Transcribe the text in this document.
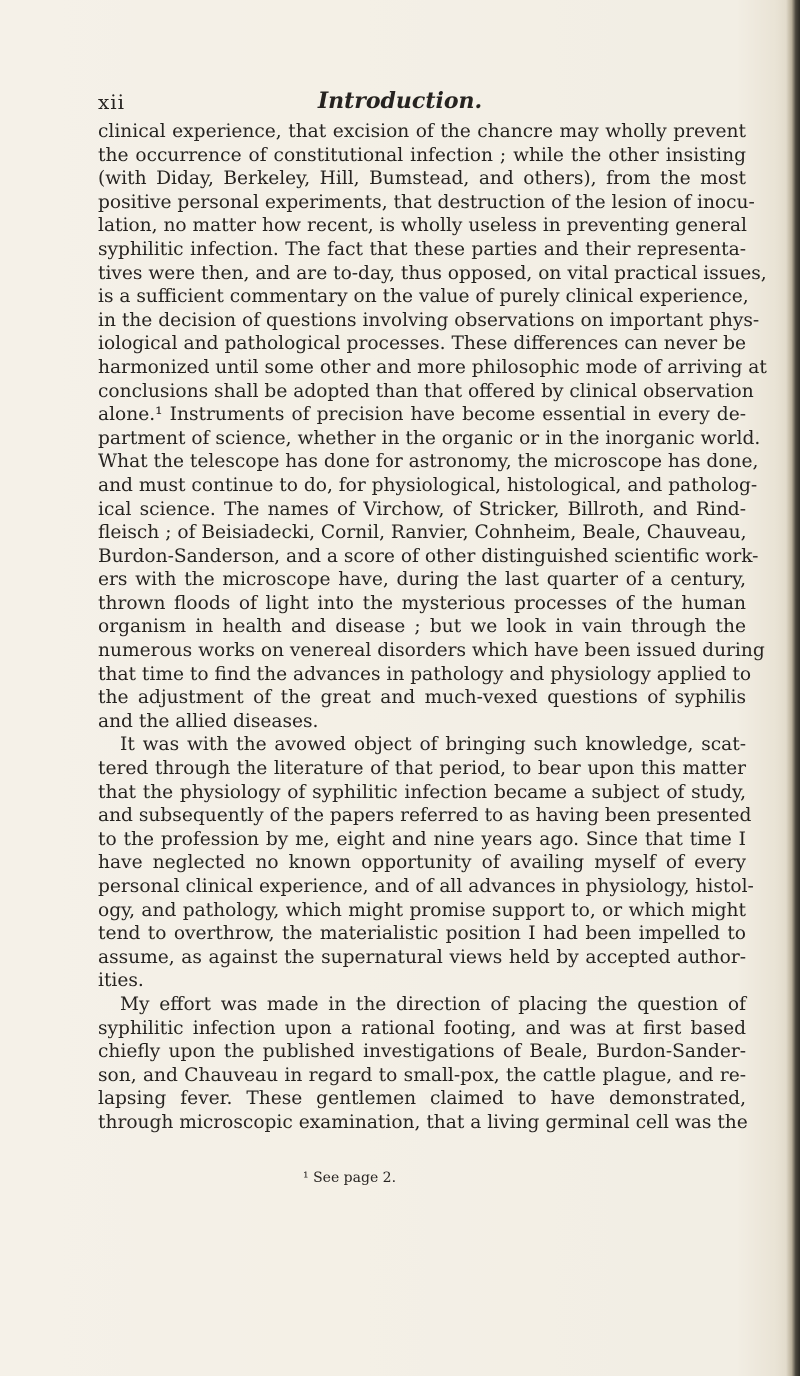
xii	Introduction.
clinical experience, that excision of the chancre may wholly prevent
the occurrence of constitutional infection ; while the other insisting
(with Diday, Berkeley, Hill, Bumstead, and others), from the most
positive personal experiments, that destruction of the lesion of inocu-
lation, no matter how recent, is wholly useless in preventing general
syphilitic infection. The fact that these parties and their representa-
tives were then, and are to-day, thus opposed, on vital practical issues,
is a sufficient commentary on the value of purely clinical experience,
in the decision of questions involving observations on important phys-
iological and pathological processes. These differences can never be
harmonized until some other and more philosophic mode of arriving at
conclusions shall be adopted than that offered by clinical observation
alone.¹ Instruments of precision have become essential in every de-
partment of science, whether in the organic or in the inorganic world.
What the telescope has done for astronomy, the microscope has done,
and must continue to do, for physiological, histological, and patholog-
ical science. The names of Virchow, of Stricker, Billroth, and Rind-
fleisch ; of Beisiadecki, Cornil, Ranvier, Cohnheim, Beale, Chauveau,
Burdon-Sanderson, and a score of other distinguished scientific work-
ers with the microscope have, during the last quarter of a century,
thrown floods of light into the mysterious processes of the human
organism in health and disease ; but we look in vain through the
numerous works on venereal disorders which have been issued during
that time to find the advances in pathology and physiology applied to
the adjustment of the great and much-vexed questions of syphilis
and the allied diseases.
It was with the avowed object of bringing such knowledge, scat-
tered through the literature of that period, to bear upon this matter
that the physiology of syphilitic infection became a subject of study,
and subsequently of the papers referred to as having been presented
to the profession by me, eight and nine years ago. Since that time I
have neglected no known opportunity of availing myself of every
personal clinical experience, and of all advances in physiology, histol-
ogy, and pathology, which might promise support to, or which might
tend to overthrow, the materialistic position I had been impelled to
assume, as against the supernatural views held by accepted author-
ities.
My effort was made in the direction of placing the question of
syphilitic infection upon a rational footing, and was at first based
chiefly upon the published investigations of Beale, Burdon-Sander-
son, and Chauveau in regard to small-pox, the cattle plague, and re-
lapsing fever. These gentlemen claimed to have demonstrated,
through microscopic examination, that a living germinal cell was the
¹ See page 2.
